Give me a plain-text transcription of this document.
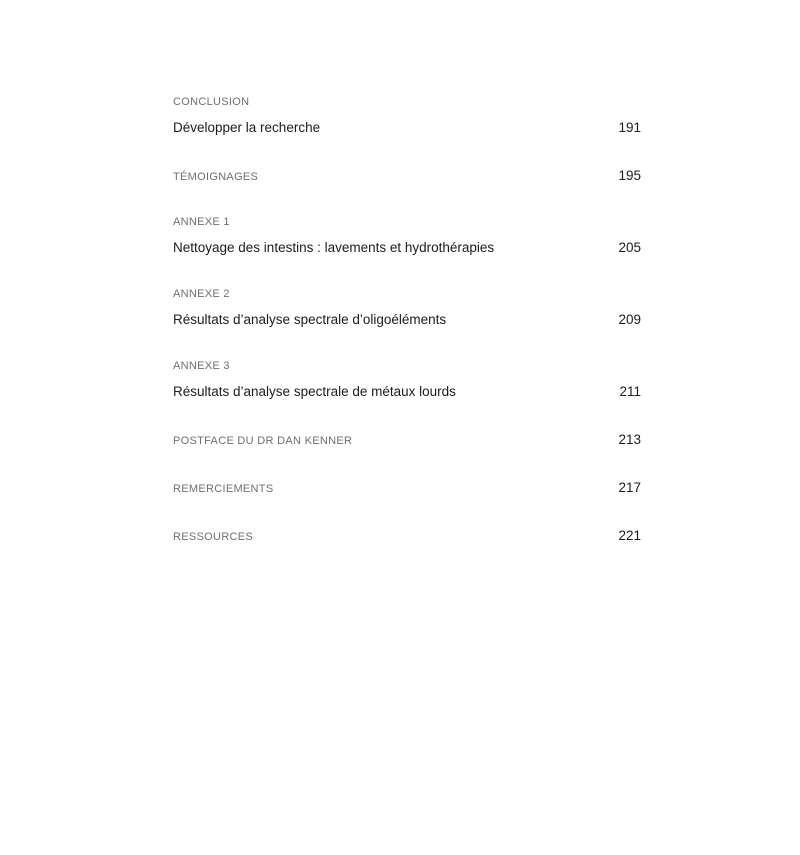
CONCLUSION
Développer la recherche	191
TÉMOIGNAGES	195
ANNEXE 1
Nettoyage des intestins : lavements et hydrothérapies	205
ANNEXE 2
Résultats d’analyse spectrale d’oligoéléments	209
ANNEXE 3
Résultats d’analyse spectrale de métaux lourds	211
POSTFACE DU DR DAN KENNER	213
REMERCIEMENTS	217
RESSOURCES	221
